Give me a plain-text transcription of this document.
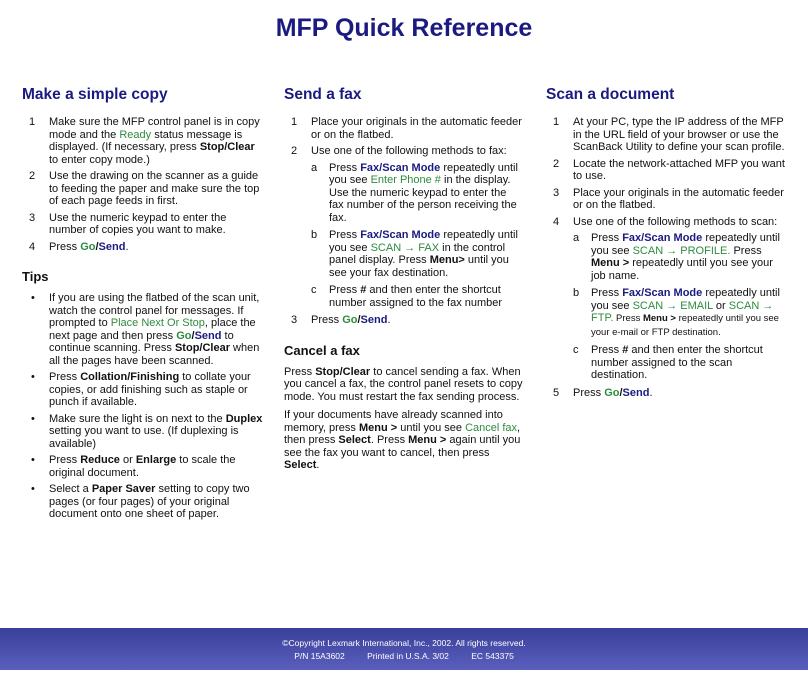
MFP Quick Reference
Make a simple copy
1 Make sure the MFP control panel is in copy mode and the Ready status message is displayed. (If necessary, press Stop/Clear to enter copy mode.)
2 Use the drawing on the scanner as a guide to feeding the paper and make sure the top of each page feeds in first.
3 Use the numeric keypad to enter the number of copies you want to make.
4 Press Go/Send.
Tips
• If you are using the flatbed of the scan unit, watch the control panel for messages. If prompted to Place Next Or Stop, place the next page and then press Go/Send to continue scanning. Press Stop/Clear when all the pages have been scanned.
• Press Collation/Finishing to collate your copies, or add finishing such as staple or punch if available.
• Make sure the light is on next to the Duplex setting you want to use. (If duplexing is available)
• Press Reduce or Enlarge to scale the original document.
• Select a Paper Saver setting to copy two pages (or four pages) of your original document onto one sheet of paper.
Send a fax
1 Place your originals in the automatic feeder or on the flatbed.
2 Use one of the following methods to fax:
a Press Fax/Scan Mode repeatedly until you see Enter Phone # in the display. Use the numeric keypad to enter the fax number of the person receiving the fax.
b Press Fax/Scan Mode repeatedly until you see SCAN → FAX in the control panel display. Press Menu> until you see your fax destination.
c Press # and then enter the shortcut number assigned to the fax number
3 Press Go/Send.
Cancel a fax

Press Stop/Clear to cancel sending a fax. When you cancel a fax, the control panel resets to copy mode. You must restart the fax sending process.

If your documents have already scanned into memory, press Menu > until you see Cancel fax, then press Select. Press Menu > again until you see the fax you want to cancel, then press Select.

Scan a document
1 At your PC, type the IP address of the MFP in the URL field of your browser or use the ScanBack Utility to define your scan profile.
2 Locate the network-attached MFP you want to use.
3 Place your originals in the automatic feeder or on the flatbed.
4 Use one of the following methods to scan:
a Press Fax/Scan Mode repeatedly until you see SCAN → PROFILE. Press Menu > repeatedly until you see your job name.
b Press Fax/Scan Mode repeatedly until you see SCAN → EMAIL or SCAN → FTP. Press Menu > repeatedly until you see your e-mail or FTP destination.
c Press # and then enter the shortcut number assigned to the scan destination.
5 Press Go/Send.
©Copyright Lexmark International, Inc., 2002. All rights reserved.
P/N 15A3602	Printed in U.S.A. 3/02	EC 543375
